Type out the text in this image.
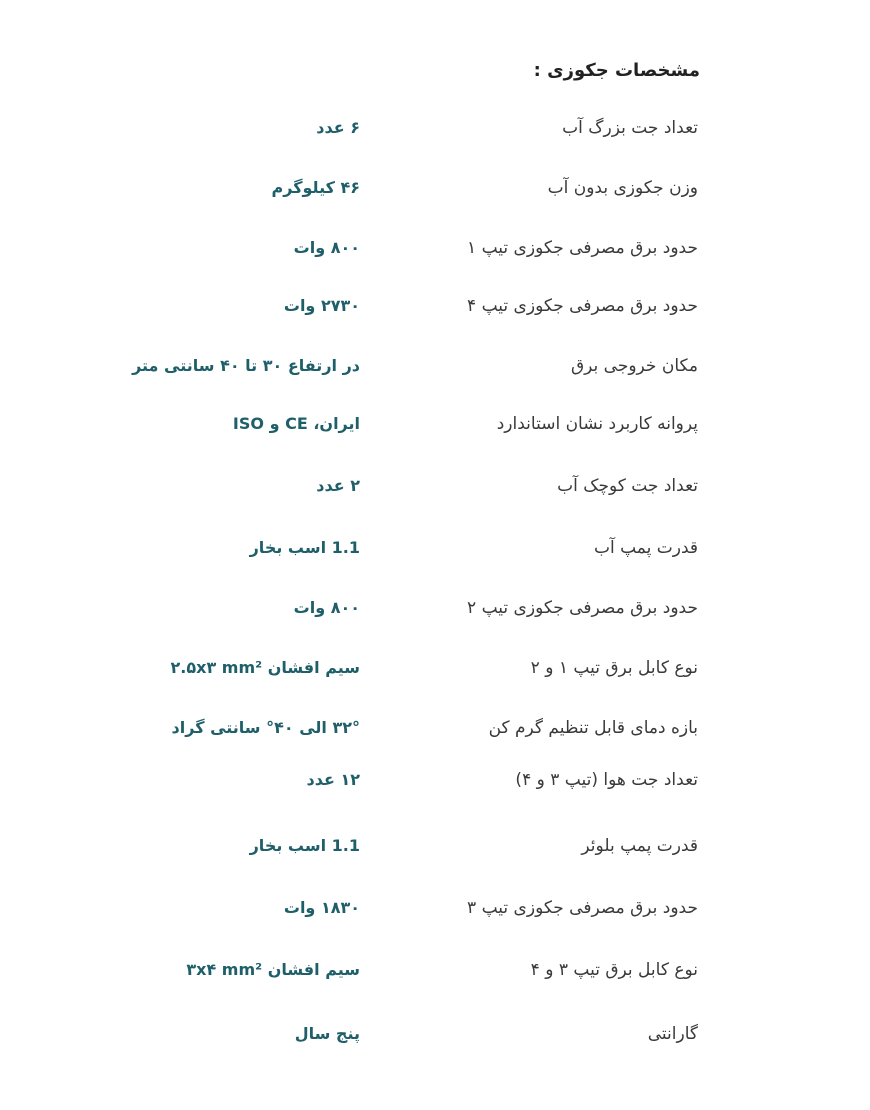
مشخصات جکوزی :
تعداد جت بزرگ آب
۶ عدد
وزن جکوزی بدون آب
۴۶ کیلوگرم
حدود برق مصرفی جکوزی تیپ ۱
۸۰۰ وات
حدود برق مصرفی جکوزی تیپ ۴
۲۷۳۰ وات
مکان خروجی برق
در ارتفاع ۳۰ تا ۴۰ سانتی متر
پروانه کاربرد نشان استاندارد
ایران، CE و ISO
تعداد جت کوچک آب
۲ عدد
قدرت پمپ آب
1.1 اسب بخار
حدود برق مصرفی جکوزی تیپ ۲
۸۰۰ وات
نوع کابل برق تیپ ۱ و ۲
سیم افشان ۲.۵x۳ mm²
بازه دمای قابل تنظیم گرم کن
۳۲° الی ۴۰° سانتی گراد
تعداد جت هوا (تیپ ۳ و ۴)
۱۲ عدد
قدرت پمپ بلوئر
1.1 اسب بخار
حدود برق مصرفی جکوزی تیپ ۳
۱۸۳۰ وات
نوع کابل برق تیپ ۳ و ۴
سیم افشان ۳x۴ mm²
گارانتی
پنج سال
